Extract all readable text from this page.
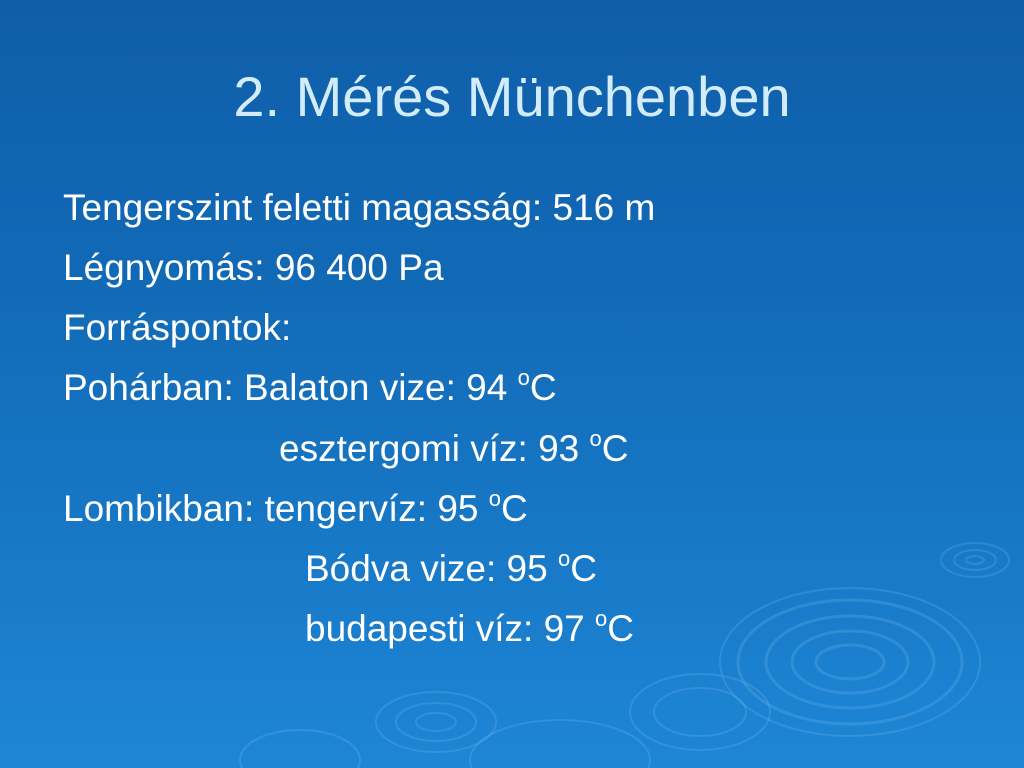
2. Mérés Münchenben
Tengerszint feletti magasság: 516 m
Légnyomás: 96 400 Pa
Forráspontok:
Pohárban: Balaton vize: 94 $^o$C
esztergomi víz: 93 $^o$C
Lombikban: tengervíz: 95 $^o$C
Bódva vize: 95 $^o$C
budapesti víz: 97 $^o$C
